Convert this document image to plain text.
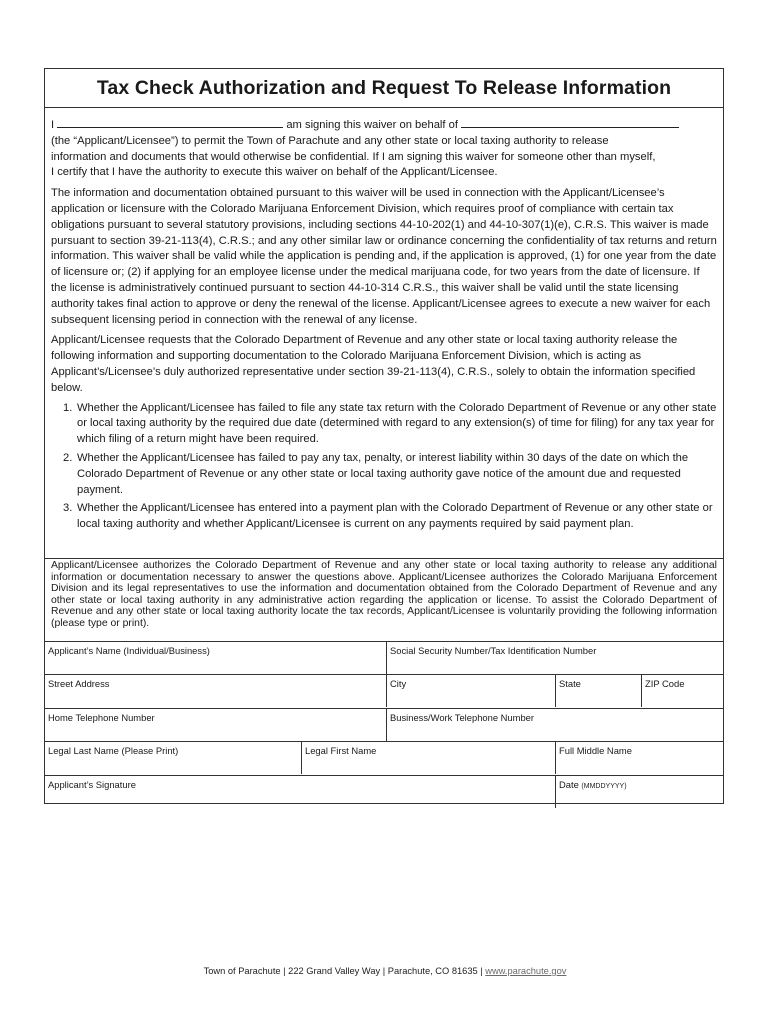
Tax Check Authorization and Request To Release Information

I	am signing this waiver on behalf of
(the “Applicant/Licensee”) to permit the Town of Parachute and any other state or local taxing authority to release
information and documents that would otherwise be confidential. If I am signing this waiver for someone other than myself,
I certify that I have the authority to execute this waiver on behalf of the Applicant/Licensee.

The information and documentation obtained pursuant to this waiver will be used in connection with the Applicant/Licensee’s application or licensure with the Colorado Marijuana Enforcement Division, which requires proof of compliance with certain tax obligations pursuant to several statutory provisions, including sections 44-10-202(1) and 44-10-307(1)(e), C.R.S. This waiver is made pursuant to section 39-21-113(4), C.R.S.; and any other similar law or ordinance concerning the confidentiality of tax returns and return information. This waiver shall be valid while the application is pending and, if the application is approved, (1) for one year from the date of licensure or; (2) if applying for an employee license under the medical marijuana code, for two years from the date of licensure. If the license is administratively continued pursuant to section 44-10-314 C.R.S., this waiver shall be valid until the state licensing authority takes final action to approve or deny the renewal of the license. Applicant/Licensee agrees to execute a new waiver for each subsequent licensing period in connection with the renewal of any license.

Applicant/Licensee requests that the Colorado Department of Revenue and any other state or local taxing authority release the following information and supporting documentation to the Colorado Marijuana Enforcement Division, which is acting as Applicant’s/Licensee’s duly authorized representative under section 39-21-113(4), C.R.S., solely to obtain the information specified below.

1. Whether the Applicant/Licensee has failed to file any state tax return with the Colorado Department of Revenue or any other state or local taxing authority by the required due date (determined with regard to any extension(s) of time for filing) for any tax year for which filing of a return might have been required.
2. Whether the Applicant/Licensee has failed to pay any tax, penalty, or interest liability within 30 days of the date on which the Colorado Department of Revenue or any other state or local taxing authority gave notice of the amount due and requested payment.
3. Whether the Applicant/Licensee has entered into a payment plan with the Colorado Department of Revenue or any other state or local taxing authority and whether Applicant/Licensee is current on any payments required by said payment plan.
Applicant/Licensee authorizes the Colorado Department of Revenue and any other state or local taxing authority to release any additional information or documentation necessary to answer the questions above. Applicant/Licensee authorizes the Colorado Marijuana Enforcement Division and its legal representatives to use the information and documentation obtained from the Colorado Department of Revenue and any other state or local taxing authority in any administrative action regarding the application or license. To assist the Colorado Department of Revenue and any other state or local taxing authority locate the tax records, Applicant/Licensee is voluntarily providing the following information (please type or print).
Applicant’s Name (Individual/Business)	Social Security Number/Tax Identification Number
Street Address	City	State	ZIP Code
Home Telephone Number	Business/Work Telephone Number
Legal Last Name (Please Print)	Legal First Name	Full Middle Name
Applicant’s Signature	Date (MMDDYYYY)
Town of Parachute | 222 Grand Valley Way | Parachute, CO 81635 | www.parachute.gov
